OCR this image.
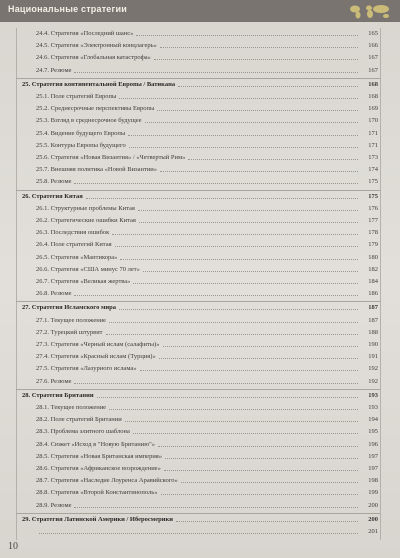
Национальные стратегии
24.4. Стратегия «Последний шанс»	165
24.5. Стратегия «Электронный концлагерь»	166
24.6. Стратегия «Глобальная катастрофа»	167
24.7. Резюме	167
25. Стратегия континентальной Европы / Ватикана	168
25.1. Поле стратегий Европы	168
25.2. Среднесрочные перспективы Европы	169
25.3. Взгляд в среднесрочное будущее	170
25.4. Видение будущего Европы	171
25.5. Контуры Европы будущего	171
25.6. Стратегия «Новая Византия» / «Четвертый Рим»	173
25.7. Внешняя политика «Новой Византии»	174
25.8. Резюме	175
26. Стратегия Китая	175
26.1. Структурные проблемы Китая	176
26.2. Стратегические ошибки Китая	177
26.3. Последствия ошибок	178
26.4. Поле стратегий Китая	179
26.5. Стратегия «Мантикора»	180
26.6. Стратегия «США минус 70 лет»	182
26.7. Стратегия «Великая жертва»	184
26.8. Резюме	186
27. Стратегия Исламского мира	187
27.1. Текущее положение	187
27.2. Турецкий штурвит	188
27.3. Стратегия «Черный ислам (салафиты)»	190
27.4. Стратегия «Красный ислам (Турция)»	191
27.5. Стратегия «Лазурного ислама»	192
27.6. Резюме	192
28. Стратегия Британии	193
28.1. Текущее положение	193
28.2. Поле стратегий Британии	194
28.3. Проблема элитного шаблона	195
28.4. Сюжет «Исход в "Новую Британию"»	196
28.5. Стратегия «Новая Британская империя»	197
28.6. Стратегия «Африканское возрождение»	197
28.7. Стратегия «Наследие Лоуренса Аравийского»	198
28.8. Стратегия «Второй Константинополь»	199
28.9. Резюме	200
29. Стратегия Латинской Америки / Иберосмерики	200
201
10
